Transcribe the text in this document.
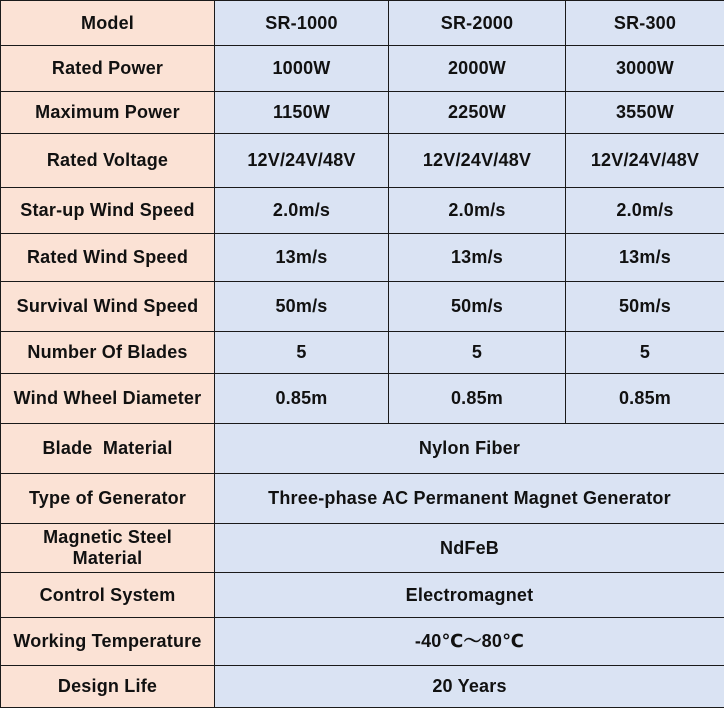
Model	SR-1000	SR-2000	SR-300
Rated Power	1000W	2000W	3000W
Maximum Power	1150W	2250W	3550W
Rated Voltage	12V/24V/48V	12V/24V/48V	12V/24V/48V
Star-up Wind Speed	2.0m/s	2.0m/s	2.0m/s
Rated Wind Speed	13m/s	13m/s	13m/s
Survival Wind Speed	50m/s	50m/s	50m/s
Number Of Blades	5	5	5
Wind Wheel Diameter	0.85m	0.85m	0.85m
Blade  Material	Nylon Fiber		
Type of Generator	Three-phase AC Permanent Magnet Generator		
Magnetic Steel Material	NdFeB		
Control System	Electromagnet		
Working Temperature	-40℃～80℃		
Design Life	20 Years		
